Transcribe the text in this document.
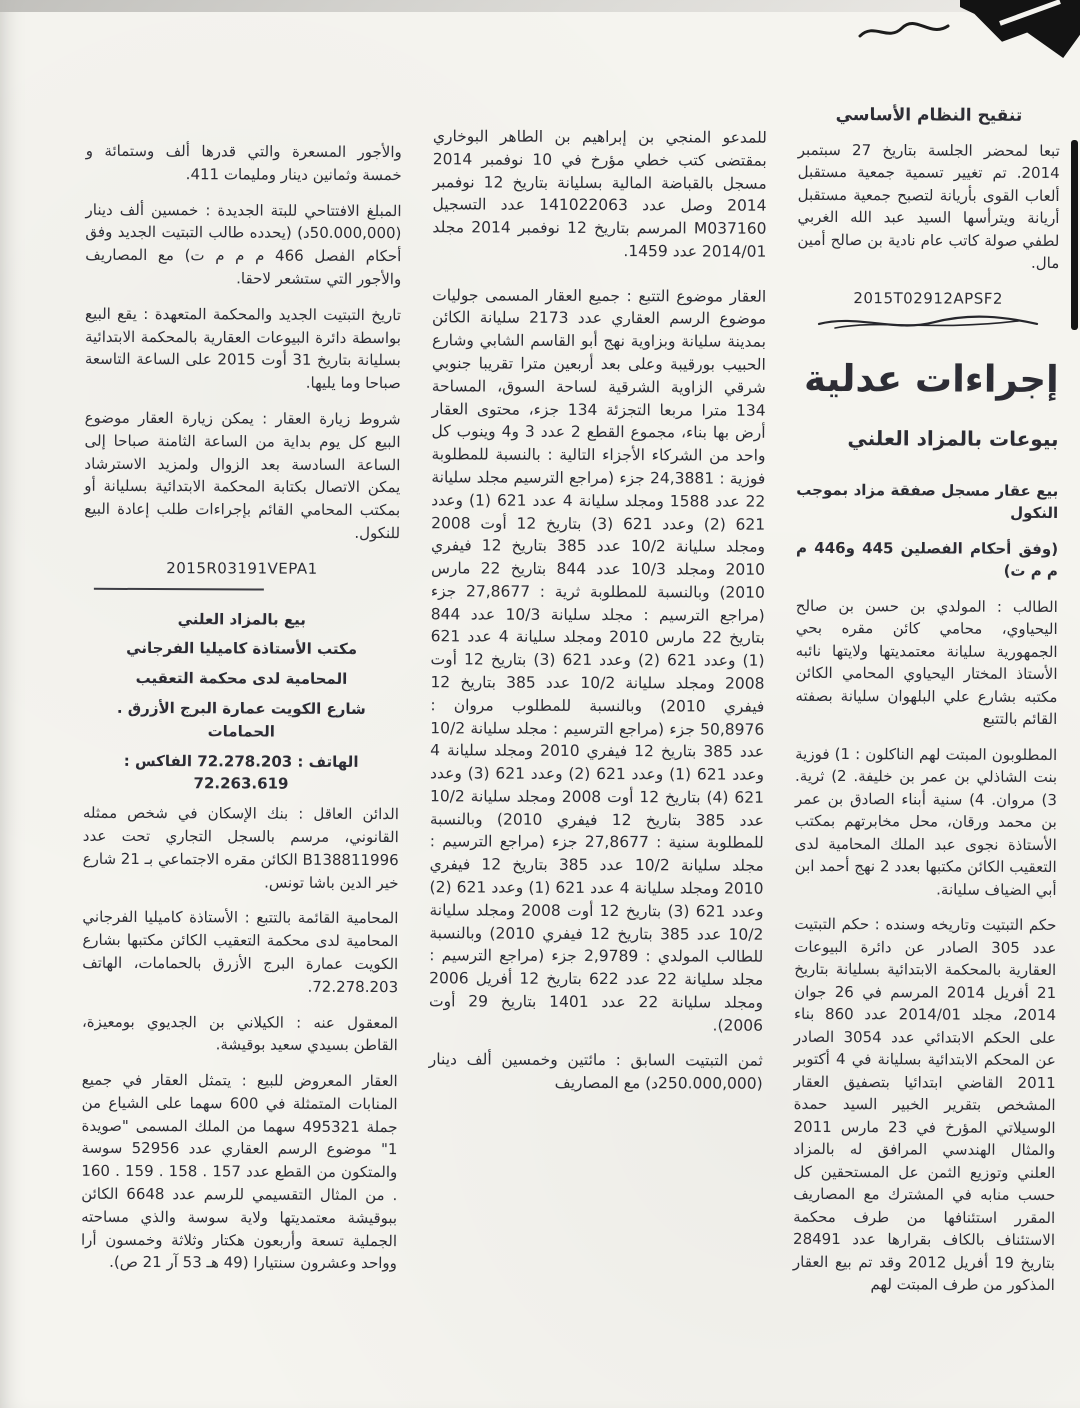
تنقيح النظام الأساسي

تبعا لمحضر الجلسة بتاريخ 27 سبتمبر 2014. تم تغيير تسمية جمعية مستقبل ألعاب القوى بأريانة لتصبح جمعية مستقبل أريانة ويترأسها السيد عبد الله الغربي لطفي صولة كاتب عام نادية بن صالح أمين مال.

2015T02912APSF2
إجراءات عدلية
بيوعات بالمزاد العلني

بيع عقار مسجل صفقة مزاد بموجب النكول

(وفق أحكام الفصلين 445 و446 م م م ت)

الطالب : المولدي بن حسن بن صالح اليحياوي، محامي كائن مقره بحي الجمهورية سليانة معتمديتها ولايتها نائبه الأستاذ المختار اليحياوي المحامي الكائن مكتبه بشارع علي البلهوان سليانة بصفته القائم بالتتبع

المطلوبون المبتت لهم الناكلون : 1) فوزية بنت الشاذلي بن عمر بن خليفة. 2) ثرية. 3) مروان. 4) سنية أبناء الصادق بن عمر بن محمد ورقان، محل مخابرتهم بمكتب الأستاذة نجوى عبد الملك المحامية لدى التعقيب الكائن مكتبها بعدد 2 نهج أحمد ابن أبي الضياف سليانة.

حكم التبتيت وتاريخه وسنده : حكم التبتيت عدد 305 الصادر عن دائرة البيوعات العقارية بالمحكمة الابتدائية بسليانة بتاريخ 21 أفريل 2014 المرسم في 26 جوان 2014، مجلد 2014/01 عدد 860 بناء على الحكم الابتدائي عدد 3054 الصادر عن المحكم الابتدائية بسليانة في 4 أكتوبر 2011 القاضي ابتدائيا بتصفيق العقار المشخص بتقرير الخبير السيد حمدة الوسيلاتي المؤرخ في 23 مارس 2011 والمثال الهندسي المرافق له بالمزاد العلني وتوزيع الثمن عل المستحقين كل حسب منابه في المشترك مع المصاريف المقرر استئنافها من طرف محكمة الاستئناف بالكاف بقرارها عدد 28491 بتاريخ 19 أفريل 2012 وقد تم بيع العقار المذكور من طرف المبتت لهم

للمدعو المنجي بن إبراهيم بن الطاهر البوخاري بمقتضى كتب خطي مؤرخ في 10 نوفمبر 2014 مسجل بالقباضة المالية بسليانة بتاريخ 12 نوفمبر 2014 وصل عدد 141022063 عدد التسجيل M037160 المرسم بتاريخ 12 نوفمبر 2014 مجلد 2014/01 عدد 1459.

العقار موضوع التتبع : جميع العقار المسمى جوليات موضوع الرسم العقاري عدد 2173 سليانة الكائن بمدينة سليانة وبزاوية نهج أبو القاسم الشابي وشارع الحبيب بورقيبة وعلى بعد أربعين مترا تقريبا جنوبي شرقي الزاوية الشرقية لساحة السوق، المساحة 134 مترا مربعا التجزئة 134 جزء، محتوى العقار أرض بها بناء، مجموع القطع 2 عدد 3 و4 وينوب كل واحد من الشركاء الأجزاء التالية : بالنسبة للمطلوبة فوزية : 24,3881 جزء (مراجع الترسيم مجلد سليانة 22 عدد 1588 ومجلد سليانة 4 عدد 621 (1) وعدد 621 (2) وعدد 621 (3) بتاريخ 12 أوت 2008 ومجلد سليانة 10/2 عدد 385 بتاريخ 12 فيفري 2010 ومجلد 10/3 عدد 844 بتاريخ 22 مارس 2010) وبالنسبة للمطلوبة ثرية : 27,8677 جزء (مراجع الترسيم : مجلد سليانة 10/3 عدد 844 بتاريخ 22 مارس 2010 ومجلد سليانة 4 عدد 621 (1) وعدد 621 (2) وعدد 621 (3) بتاريخ 12 أوت 2008 ومجلد سليانة 10/2 عدد 385 بتاريخ 12 فيفري 2010) وبالنسبة للمطلوب مروان : 50,8976 جزء (مراجع الترسيم : مجلد سليانة 10/2 عدد 385 بتاريخ 12 فيفري 2010 ومجلد سليانة 4 وعدد 621 (1) وعدد 621 (2) وعدد 621 (3) وعدد 621 (4) بتاريخ 12 أوت 2008 ومجلد سليانة 10/2 عدد 385 بتاريخ 12 فيفري 2010) وبالنسبة للمطلوبة سنية : 27,8677 جزء (مراجع الترسيم : مجلد سليانة 10/2 عدد 385 بتاريخ 12 فيفري 2010 ومجلد سليانة 4 عدد 621 (1) وعدد 621 (2) وعدد 621 (3) بتاريخ 12 أوت 2008 ومجلد سليانة 10/2 عدد 385 بتاريخ 12 فيفري 2010) وبالنسبة للطالب المولدي : 2,9789 جزء (مراجع الترسيم : مجلد سليانة 22 عدد 622 بتاريخ 12 أفريل 2006 ومجلد سليانة 22 عدد 1401 بتاريخ 29 أوت 2006).

ثمن التبتيت السابق : مائتين وخمسين ألف دينار (250.000,000د) مع المصاريف

والأجور المسعرة والتي قدرها ألف وستمائة و خمسة وثمانين دينار ومليمات 411.

المبلغ الافتتاحي للبتة الجديدة : خمسين ألف دينار (50.000,000د) (يحدده طالب التبتيت الجديد وفق أحكام الفصل 466 م م م ت) مع المصاريف والأجور التي ستشعر لاحقا.

تاريخ التبتيت الجديد والمحكمة المتعهدة : يقع البيع بواسطة دائرة البيوعات العقارية بالمحكمة الابتدائية بسليانة بتاريخ 31 أوت 2015 على الساعة التاسعة صباحا وما يليها.

شروط زيارة العقار : يمكن زيارة العقار موضوع البيع كل يوم بداية من الساعة الثامنة صباحا إلى الساعة السادسة بعد الزوال ولمزيد الاسترشاد يمكن الاتصال بكتابة المحكمة الابتدائية بسليانة أو بمكتب المحامي القائم بإجراءات طلب إعادة البيع للنكول.

2015R03191VEPA1

بيع بالمزاد العلني

مكتب الأستاذة كاميليا الفرجاني

المحامية لدى محكمة التعقيب

شارع الكويت عمارة البرج الأزرق . الحمامات

الهاتف : 72.278.203 الفاكس : 72.263.619

الدائن العاقل : بنك الإسكان في شخص ممثله القانوني، مرسم بالسجل التجاري تحت عدد B138811996 الكائن مقره الاجتماعي بـ 21 شارع خير الدين باشا تونس.

المحامية القائمة بالتتبع : الأستاذة كاميليا الفرجاني المحامية لدى محكمة التعقيب الكائن مكتبها بشارع الكويت عمارة البرج الأزرق بالحمامات، الهاتف 72.278.203.

المعقول عنه : الكيلاني بن الجديوي بومعيزة، القاطن بسيدي سعيد بوقيشة.

العقار المعروض للبيع : يتمثل العقار في جميع المنابات المتمثلة في 600 سهما على الشياع من جملة 495321 سهما من الملك المسمى "صويدة 1" موضوع الرسم العقاري عدد 52956 سوسة والمتكون من القطع عدد 157 . 158 . 159 . 160 . من المثال التقسيمي للرسم عدد 6648 الكائن ببوقيشة معتمديتها ولاية سوسة والذي مساحته الجملية تسعة وأربعون هكتار وثلاثة وخمسون أرا وواحد وعشرون سنتيارا (49 هـ 53 آر 21 ص).
